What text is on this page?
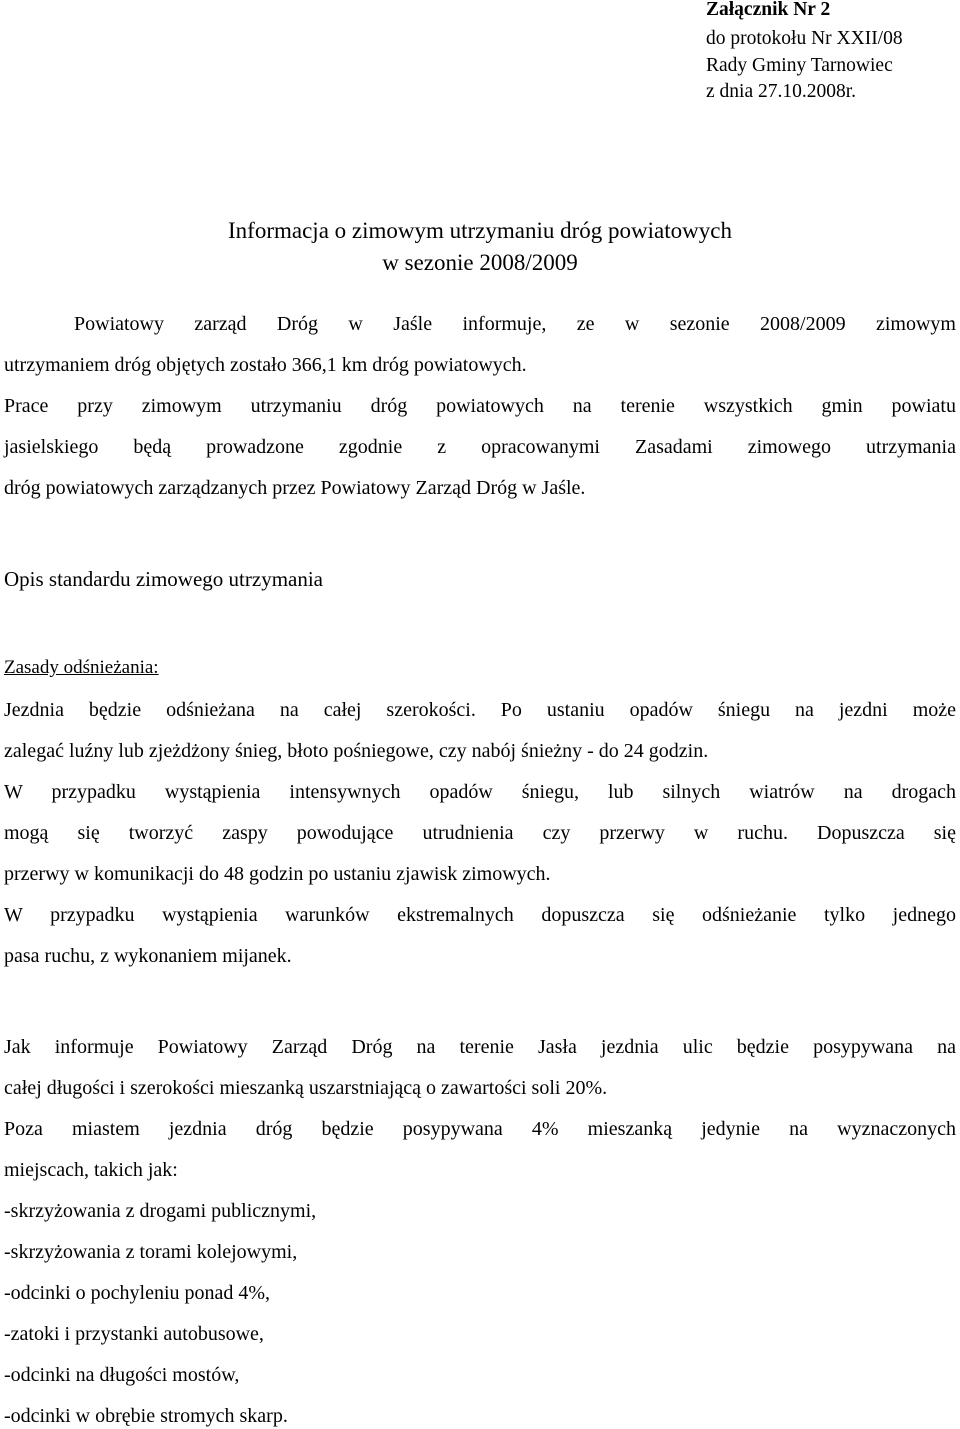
Załącznik Nr 2
do protokołu Nr XXII/08
Rady Gminy Tarnowiec
z dnia 27.10.2008r.
Informacja o zimowym utrzymaniu dróg powiatowych
w sezonie 2008/2009
Powiatowy zarząd Dróg w Jaśle informuje, ze w sezonie 2008/2009 zimowym
utrzymaniem dróg objętych zostało 366,1 km dróg powiatowych.
Prace przy zimowym utrzymaniu dróg powiatowych na terenie wszystkich gmin powiatu
jasielskiego będą prowadzone zgodnie z opracowanymi Zasadami zimowego utrzymania
dróg powiatowych zarządzanych przez Powiatowy Zarząd Dróg w Jaśle.
Opis standardu zimowego utrzymania
Zasady odśnieżania:
Jezdnia będzie odśnieżana na całej szerokości. Po ustaniu opadów śniegu na jezdni może
zalegać luźny lub zjeżdżony śnieg, błoto pośniegowe, czy nabój śnieżny - do 24 godzin.
W przypadku wystąpienia intensywnych opadów śniegu, lub silnych wiatrów na drogach
mogą się tworzyć zaspy powodujące utrudnienia czy przerwy w ruchu. Dopuszcza się
przerwy w komunikacji do 48 godzin po ustaniu zjawisk zimowych.
W przypadku wystąpienia warunków ekstremalnych dopuszcza się odśnieżanie tylko jednego
pasa ruchu, z wykonaniem mijanek.
Jak informuje Powiatowy Zarząd Dróg na terenie Jasła jezdnia ulic będzie posypywana na
całej długości i szerokości mieszanką uszarstniającą o zawartości soli 20%.
Poza miastem jezdnia dróg będzie posypywana 4% mieszanką jedynie na wyznaczonych
miejscach, takich jak:
-skrzyżowania z drogami publicznymi,
-skrzyżowania z torami kolejowymi,
-odcinki o pochyleniu ponad 4%,
-zatoki i przystanki autobusowe,
-odcinki na długości mostów,
-odcinki w obrębie stromych skarp.
